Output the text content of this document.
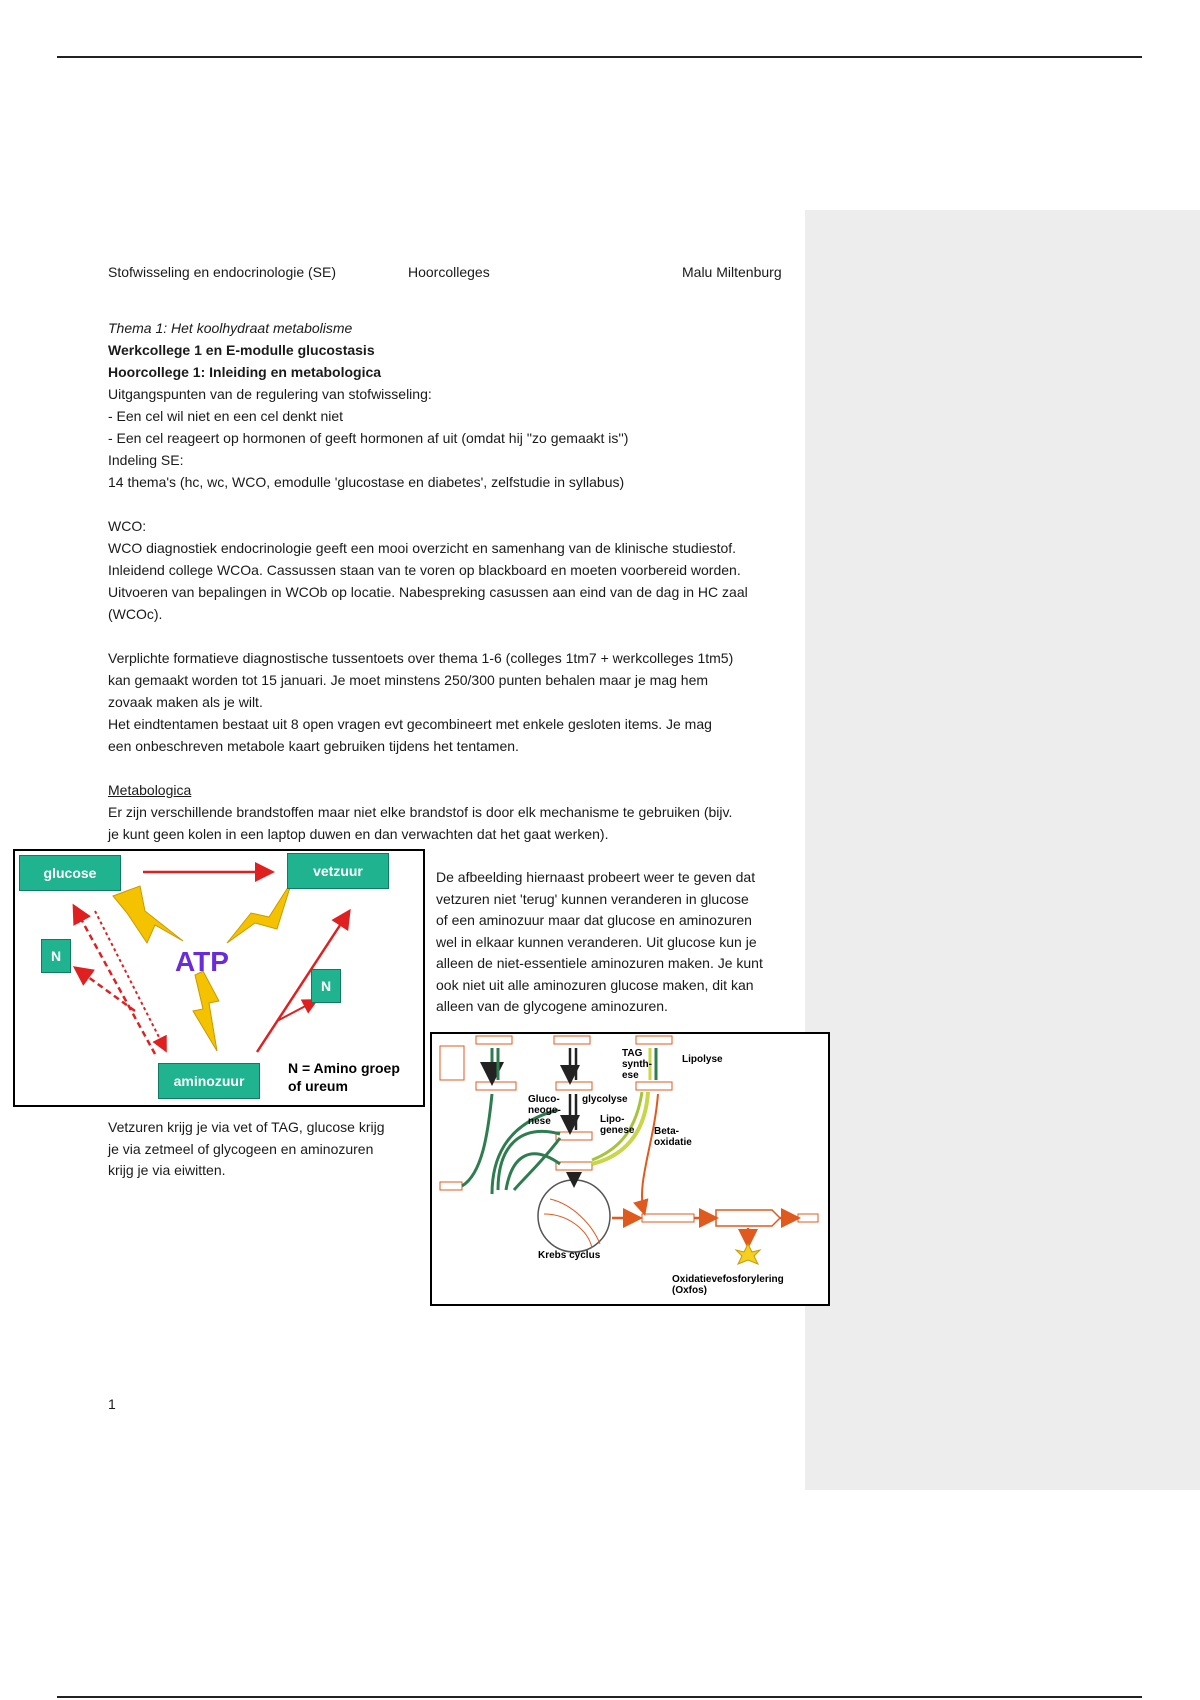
Stofwisseling en endocrinologie (SE)	Hoorcolleges	Malu Miltenburg
Thema 1: Het koolhydraat metabolisme
Werkcollege 1 en E-modulle glucostasis
Hoorcollege 1: Inleiding en metabologica
Uitgangspunten van de regulering van stofwisseling:
- Een cel wil niet en een cel denkt niet
- Een cel reageert op hormonen of geeft hormonen af uit (omdat hij ''zo gemaakt is'')
Indeling SE:
14 thema's (hc, wc, WCO, emodulle 'glucostase en diabetes', zelfstudie in syllabus)
WCO:
WCO diagnostiek endocrinologie geeft een mooi overzicht en samenhang van de klinische studiestof.
Inleidend college WCOa. Cassussen staan van te voren op blackboard en moeten voorbereid worden.
Uitvoeren van bepalingen in WCOb op locatie. Nabespreking casussen aan eind van de dag in HC zaal
(WCOc).
Verplichte formatieve diagnostische tussentoets over thema 1-6 (colleges 1tm7 + werkcolleges 1tm5)
kan gemaakt worden tot 15 januari. Je moet minstens 250/300 punten behalen maar je mag hem
zovaak maken als je wilt.
Het eindtentamen bestaat uit 8 open vragen evt gecombineert met enkele gesloten items. Je mag
een onbeschreven metabole kaart gebruiken tijdens het tentamen.
Metabologica
Er zijn verschillende brandstoffen maar niet elke brandstof is door elk mechanisme te gebruiken (bijv.
je kunt geen kolen in een laptop duwen en dan verwachten dat het gaat werken).
glucose	vetzuur
aminozuur
N
N
ATP
N = Amino groep
of ureum
De afbeelding hiernaast probeert weer te geven dat
vetzuren niet 'terug' kunnen veranderen in glucose
of een aminozuur maar dat glucose en aminozuren
wel in elkaar kunnen veranderen. Uit glucose kun je
alleen de niet-essentiele aminozuren maken. Je kunt
ook niet uit alle aminozuren glucose maken, dit kan
alleen van de glycogene aminozuren.
Vetzuren krijg je via vet of TAG, glucose krijg
je via zetmeel of glycogeen en aminozuren
krijg je via eiwitten.
TAG
synth-
ese
Lipolyse
Gluco-
neoge-
nese
glycolyse
Lipo-
genese Beta-
oxidatie
Krebs cyclus
Oxidatievefosforylering
(Oxfos)
1
